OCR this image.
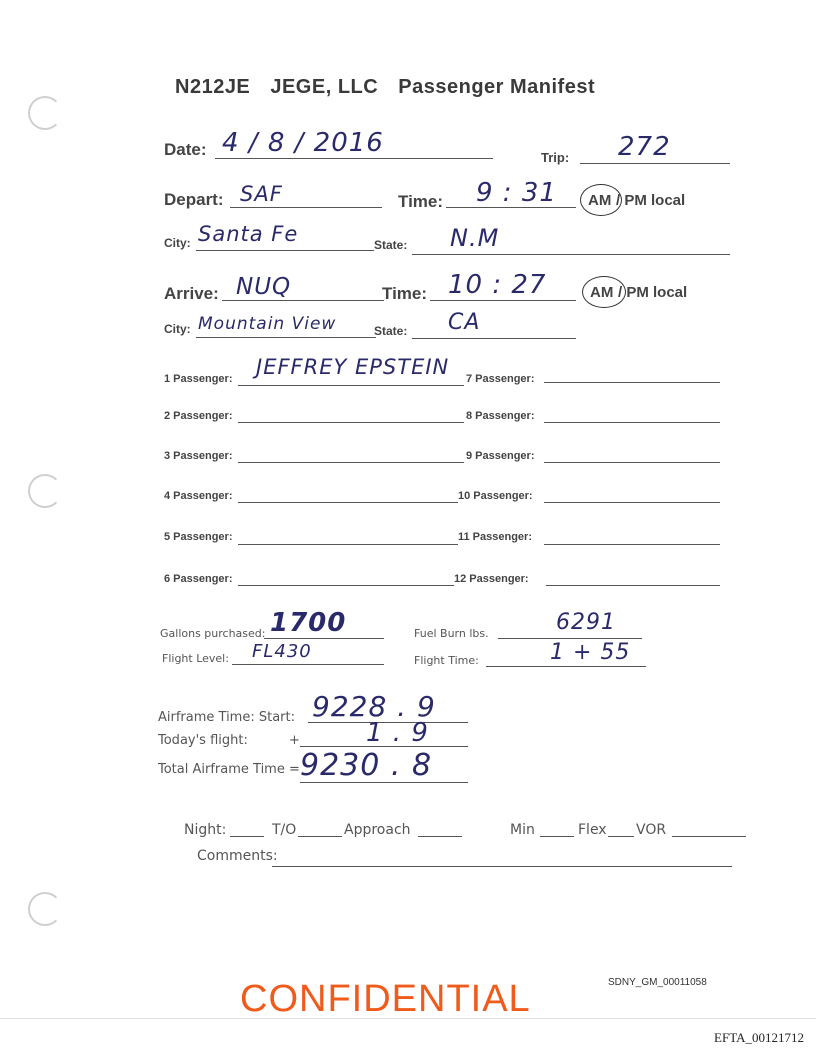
N212JE JEGE, LLC Passenger Manifest
Date: 4 / 8 / 2016	Trip: 272
Depart: SAF	Time: 9 : 31 AM / PM local
City: Santa Fe	State: N.M
Arrive: NUQ	Time: 10 : 27	AM / PM local
City: Mountain View	State: CA
1 Passenger: JEFFREY EPSTEIN
2 Passenger:
3 Passenger:
4 Passenger:
5 Passenger:
6 Passenger:
7 Passenger:
8 Passenger:
9 Passenger:
10 Passenger:
11 Passenger:
12 Passenger:
Gallons purchased: 1700	Fuel Burn lbs.	6291
Flight Level: FL430	Flight Time:	1 + 55
Airframe Time: Start: 9228 . 9
Today's flight:	+	1 . 9
Total Airframe Time = 9230 . 8
Night:	T/O	Approach	Min	Flex VOR
Comments:
CONFIDENTIAL	SDNY_GM_00011058
EFTA_00121712
